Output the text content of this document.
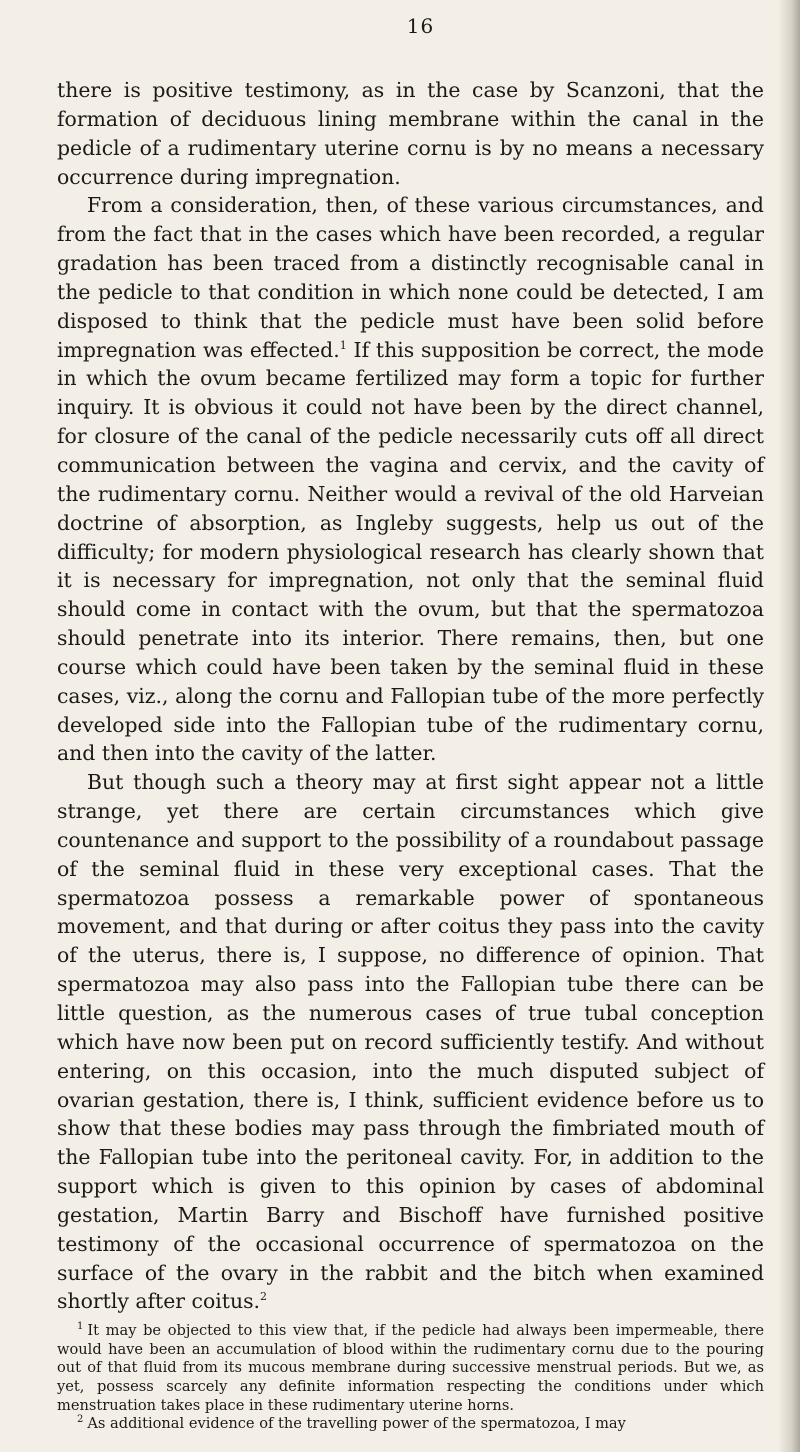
16

there is positive testimony, as in the case by Scanzoni, that the formation of deciduous lining membrane within the canal in the pedicle of a rudimentary uterine cornu is by no means a necessary occurrence during impregnation.

From a consideration, then, of these various circumstances, and from the fact that in the cases which have been recorded, a regular gradation has been traced from a distinctly recognisable canal in the pedicle to that condition in which none could be detected, I am disposed to think that the pedicle must have been solid before impregnation was effected.$^1$ If this supposition be correct, the mode in which the ovum became fertilized may form a topic for further inquiry. It is obvious it could not have been by the direct channel, for closure of the canal of the pedicle necessarily cuts off all direct communication between the vagina and cervix, and the cavity of the rudimentary cornu. Neither would a revival of the old Harveian doctrine of absorption, as Ingleby suggests, help us out of the difficulty; for modern physiological research has clearly shown that it is necessary for impregnation, not only that the seminal fluid should come in contact with the ovum, but that the spermatozoa should penetrate into its interior. There remains, then, but one course which could have been taken by the seminal fluid in these cases, viz., along the cornu and Fallopian tube of the more perfectly developed side into the Fallopian tube of the rudimentary cornu, and then into the cavity of the latter.

But though such a theory may at first sight appear not a little strange, yet there are certain circumstances which give countenance and support to the possibility of a roundabout passage of the seminal fluid in these very exceptional cases. That the spermatozoa possess a remarkable power of spontaneous movement, and that during or after coitus they pass into the cavity of the uterus, there is, I suppose, no difference of opinion. That spermatozoa may also pass into the Fallopian tube there can be little question, as the numerous cases of true tubal conception which have now been put on record sufficiently testify. And without entering, on this occasion, into the much disputed subject of ovarian gestation, there is, I think, sufficient evidence before us to show that these bodies may pass through the fimbriated mouth of the Fallopian tube into the peritoneal cavity. For, in addition to the support which is given to this opinion by cases of abdominal gestation, Martin Barry and Bischoff have furnished positive testimony of the occasional occurrence of spermatozoa on the surface of the ovary in the rabbit and the bitch when examined shortly after coitus.$^2$

$^1$ It may be objected to this view that, if the pedicle had always been impermeable, there would have been an accumulation of blood within the rudimentary cornu due to the pouring out of that fluid from its mucous membrane during successive menstrual periods. But we, as yet, possess scarcely any definite information respecting the conditions under which menstruation takes place in these rudimentary uterine horns.

$^2$ As additional evidence of the travelling power of the spermatozoa, I may
